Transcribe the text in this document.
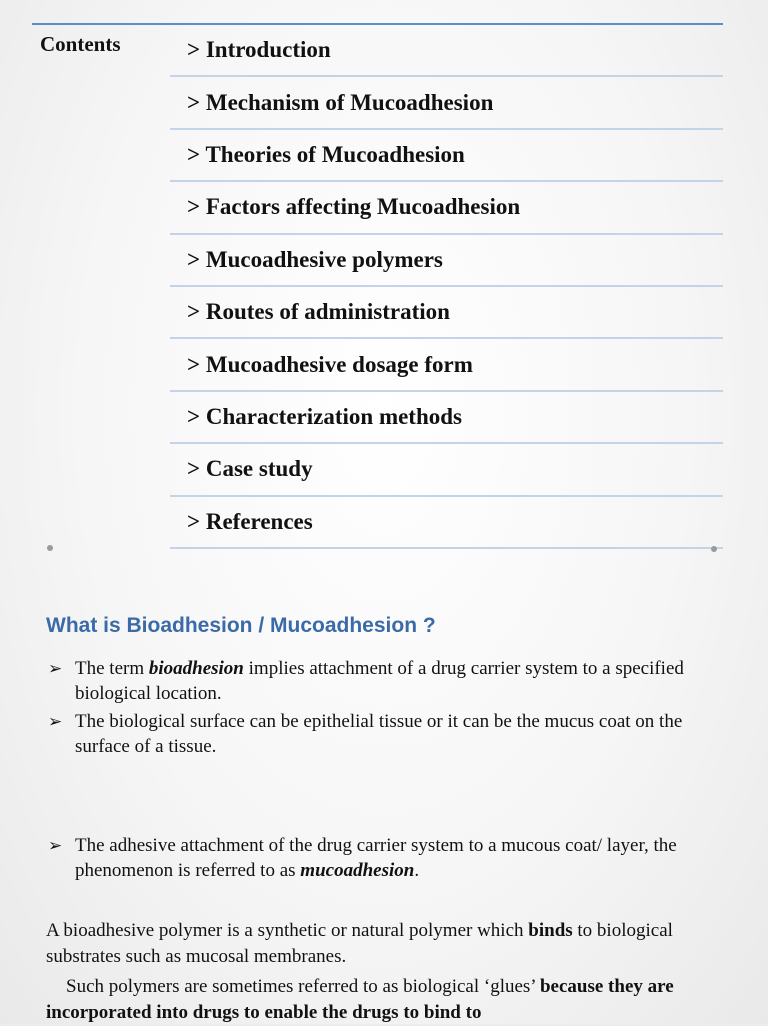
Contents	> Introduction
> Mechanism of Mucoadhesion
> Theories of Mucoadhesion
> Factors affecting Mucoadhesion
> Mucoadhesive polymers
> Routes of administration
> Mucoadhesive dosage form
> Characterization methods
> Case study
> References
What is Bioadhesion / Mucoadhesion ?
➢ The term bioadhesion implies attachment of a drug carrier system to a specified biological location.
➢ The biological surface can be epithelial tissue or it can be the mucus coat on the surface of a tissue.
➢ The adhesive attachment of the drug carrier system to a mucous coat/ layer, the phenomenon is referred to as mucoadhesion.

A bioadhesive polymer is a synthetic or natural polymer which binds to biological substrates such as mucosal membranes.

Such polymers are sometimes referred to as biological ‘glues’ because they are incorporated into drugs to enable the drugs to bind to
